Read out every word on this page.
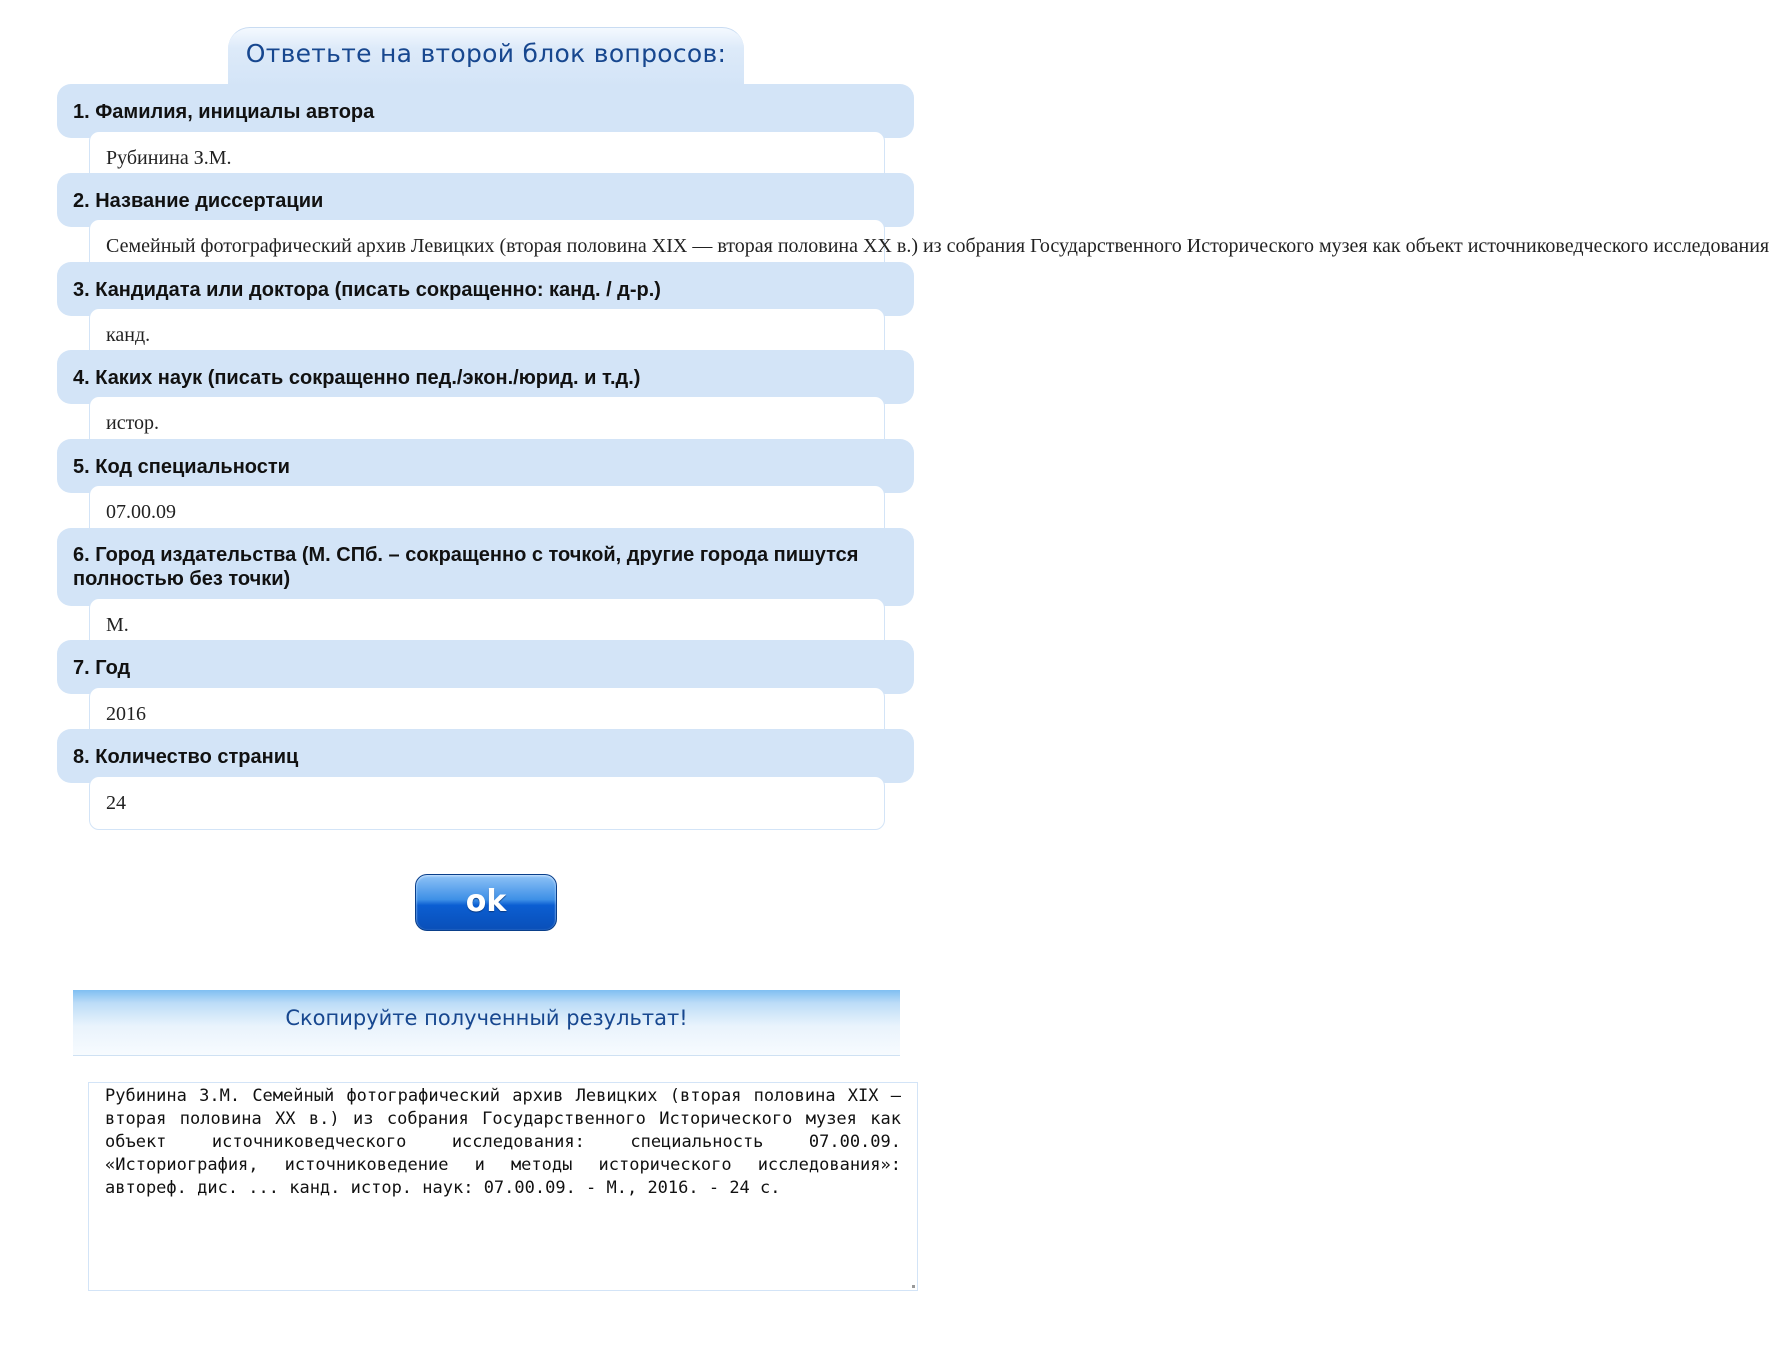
Ответьте на второй блок вопросов:
1. Фамилия, инициалы автора
Рубинина З.М.
2. Название диссертации
Семейный фотографический архив Левицких (вторая половина XIX — вторая половина XX в.) из собрания Государственного Исторического музея как объект источниковедческого исследования
3. Кандидата или доктора (писать сокращенно: канд. / д-р.)
канд.
4. Каких наук (писать сокращенно пед./экон./юрид. и т.д.)
истор.
5. Код специальности
07.00.09
6. Город издательства (М. СПб. – сокращенно с точкой, другие города пишутся полностью без точки)
М.
7. Год
2016
8. Количество страниц
24
ok
Скопируйте полученный результат!
Рубинина З.М. Семейный фотографический архив Левицких (вторая половина XIX — вторая половина XX в.) из собрания Государственного Исторического музея как объект источниковедческого исследования: специальность 07.00.09. «Историография, источниковедение и методы исторического исследования»: автореф. дис. ... канд. истор. наук: 07.00.09. - М., 2016. - 24 с.
